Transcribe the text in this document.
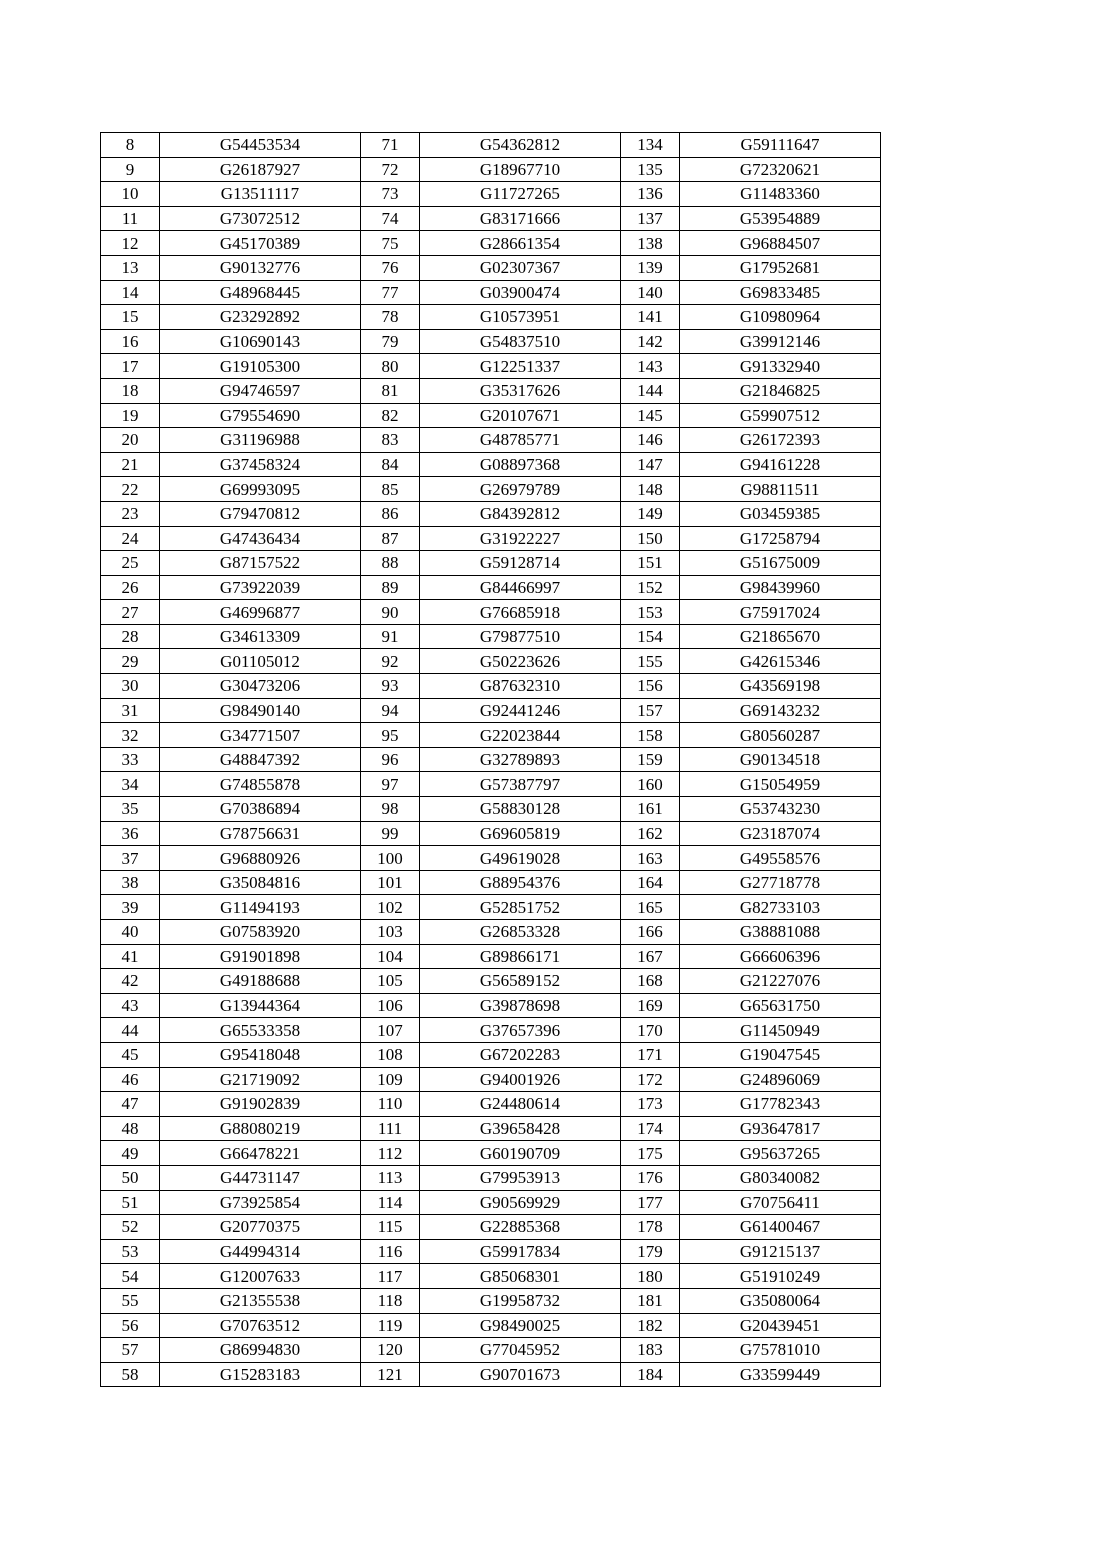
8	G54453534	71	G54362812	134	G59111647
9	G26187927	72	G18967710	135	G72320621
10	G13511117	73	G11727265	136	G11483360
11	G73072512	74	G83171666	137	G53954889
12	G45170389	75	G28661354	138	G96884507
13	G90132776	76	G02307367	139	G17952681
14	G48968445	77	G03900474	140	G69833485
15	G23292892	78	G10573951	141	G10980964
16	G10690143	79	G54837510	142	G39912146
17	G19105300	80	G12251337	143	G91332940
18	G94746597	81	G35317626	144	G21846825
19	G79554690	82	G20107671	145	G59907512
20	G31196988	83	G48785771	146	G26172393
21	G37458324	84	G08897368	147	G94161228
22	G69993095	85	G26979789	148	G98811511
23	G79470812	86	G84392812	149	G03459385
24	G47436434	87	G31922227	150	G17258794
25	G87157522	88	G59128714	151	G51675009
26	G73922039	89	G84466997	152	G98439960
27	G46996877	90	G76685918	153	G75917024
28	G34613309	91	G79877510	154	G21865670
29	G01105012	92	G50223626	155	G42615346
30	G30473206	93	G87632310	156	G43569198
31	G98490140	94	G92441246	157	G69143232
32	G34771507	95	G22023844	158	G80560287
33	G48847392	96	G32789893	159	G90134518
34	G74855878	97	G57387797	160	G15054959
35	G70386894	98	G58830128	161	G53743230
36	G78756631	99	G69605819	162	G23187074
37	G96880926	100	G49619028	163	G49558576
38	G35084816	101	G88954376	164	G27718778
39	G11494193	102	G52851752	165	G82733103
40	G07583920	103	G26853328	166	G38881088
41	G91901898	104	G89866171	167	G66606396
42	G49188688	105	G56589152	168	G21227076
43	G13944364	106	G39878698	169	G65631750
44	G65533358	107	G37657396	170	G11450949
45	G95418048	108	G67202283	171	G19047545
46	G21719092	109	G94001926	172	G24896069
47	G91902839	110	G24480614	173	G17782343
48	G88080219	111	G39658428	174	G93647817
49	G66478221	112	G60190709	175	G95637265
50	G44731147	113	G79953913	176	G80340082
51	G73925854	114	G90569929	177	G70756411
52	G20770375	115	G22885368	178	G61400467
53	G44994314	116	G59917834	179	G91215137
54	G12007633	117	G85068301	180	G51910249
55	G21355538	118	G19958732	181	G35080064
56	G70763512	119	G98490025	182	G20439451
57	G86994830	120	G77045952	183	G75781010
58	G15283183	121	G90701673	184	G33599449
